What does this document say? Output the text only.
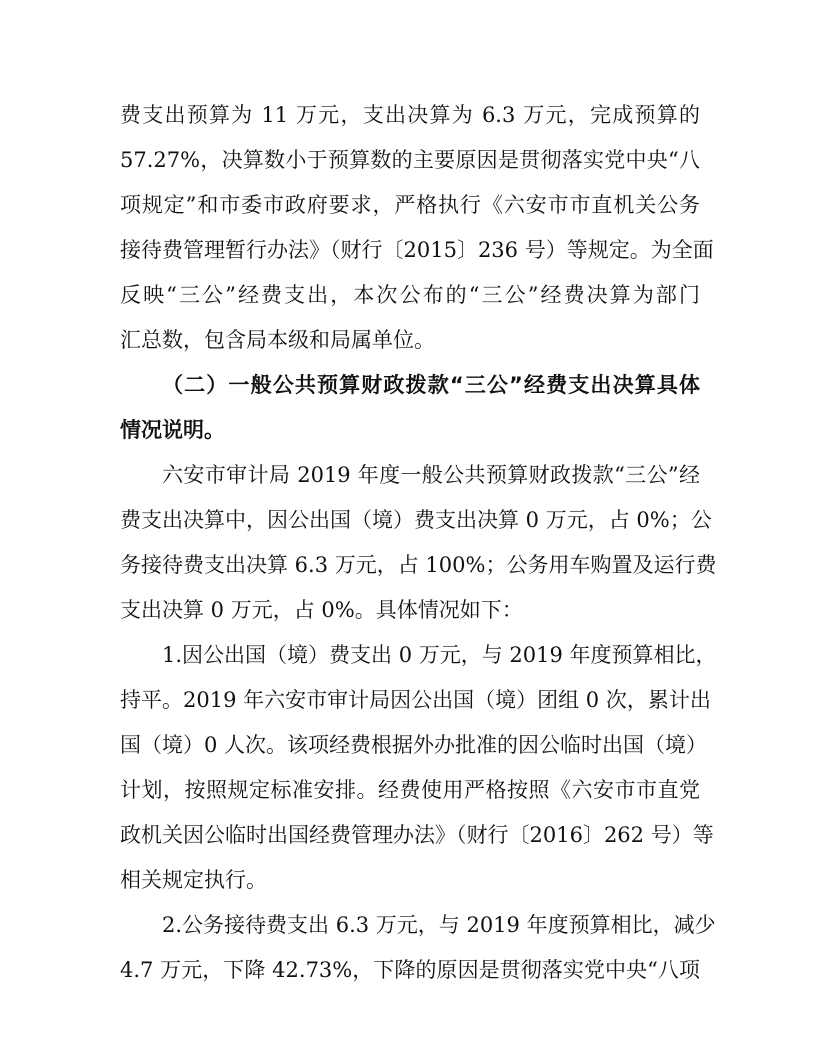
费支出预算为 11 万元，支出决算为 6.3 万元，完成预算的
57.27%，决算数小于预算数的主要原因是贯彻落实党中央“八
项规定”和市委市政府要求，严格执行《六安市市直机关公务
接待费管理暂行办法》（财行〔2015〕236 号）等规定。为全面
反映“三公”经费支出，本次公布的“三公”经费决算为部门
汇总数，包含局本级和局属单位。
（二）一般公共预算财政拨款“三公”经费支出决算具体
情况说明。
六安市审计局 2019 年度一般公共预算财政拨款“三公”经
费支出决算中，因公出国（境）费支出决算 0 万元，占 0%；公
务接待费支出决算 6.3 万元，占 100%；公务用车购置及运行费
支出决算 0 万元，占 0%。具体情况如下：
1.因公出国（境）费支出 0 万元，与 2019 年度预算相比，
持平。2019 年六安市审计局因公出国（境）团组 0 次，累计出
国（境）0 人次。该项经费根据外办批准的因公临时出国（境）
计划，按照规定标准安排。经费使用严格按照《六安市市直党
政机关因公临时出国经费管理办法》（财行〔2016〕262 号）等
相关规定执行。
2.公务接待费支出 6.3 万元，与 2019 年度预算相比，减少
4.7 万元，下降 42.73%，下降的原因是贯彻落实党中央“八项
